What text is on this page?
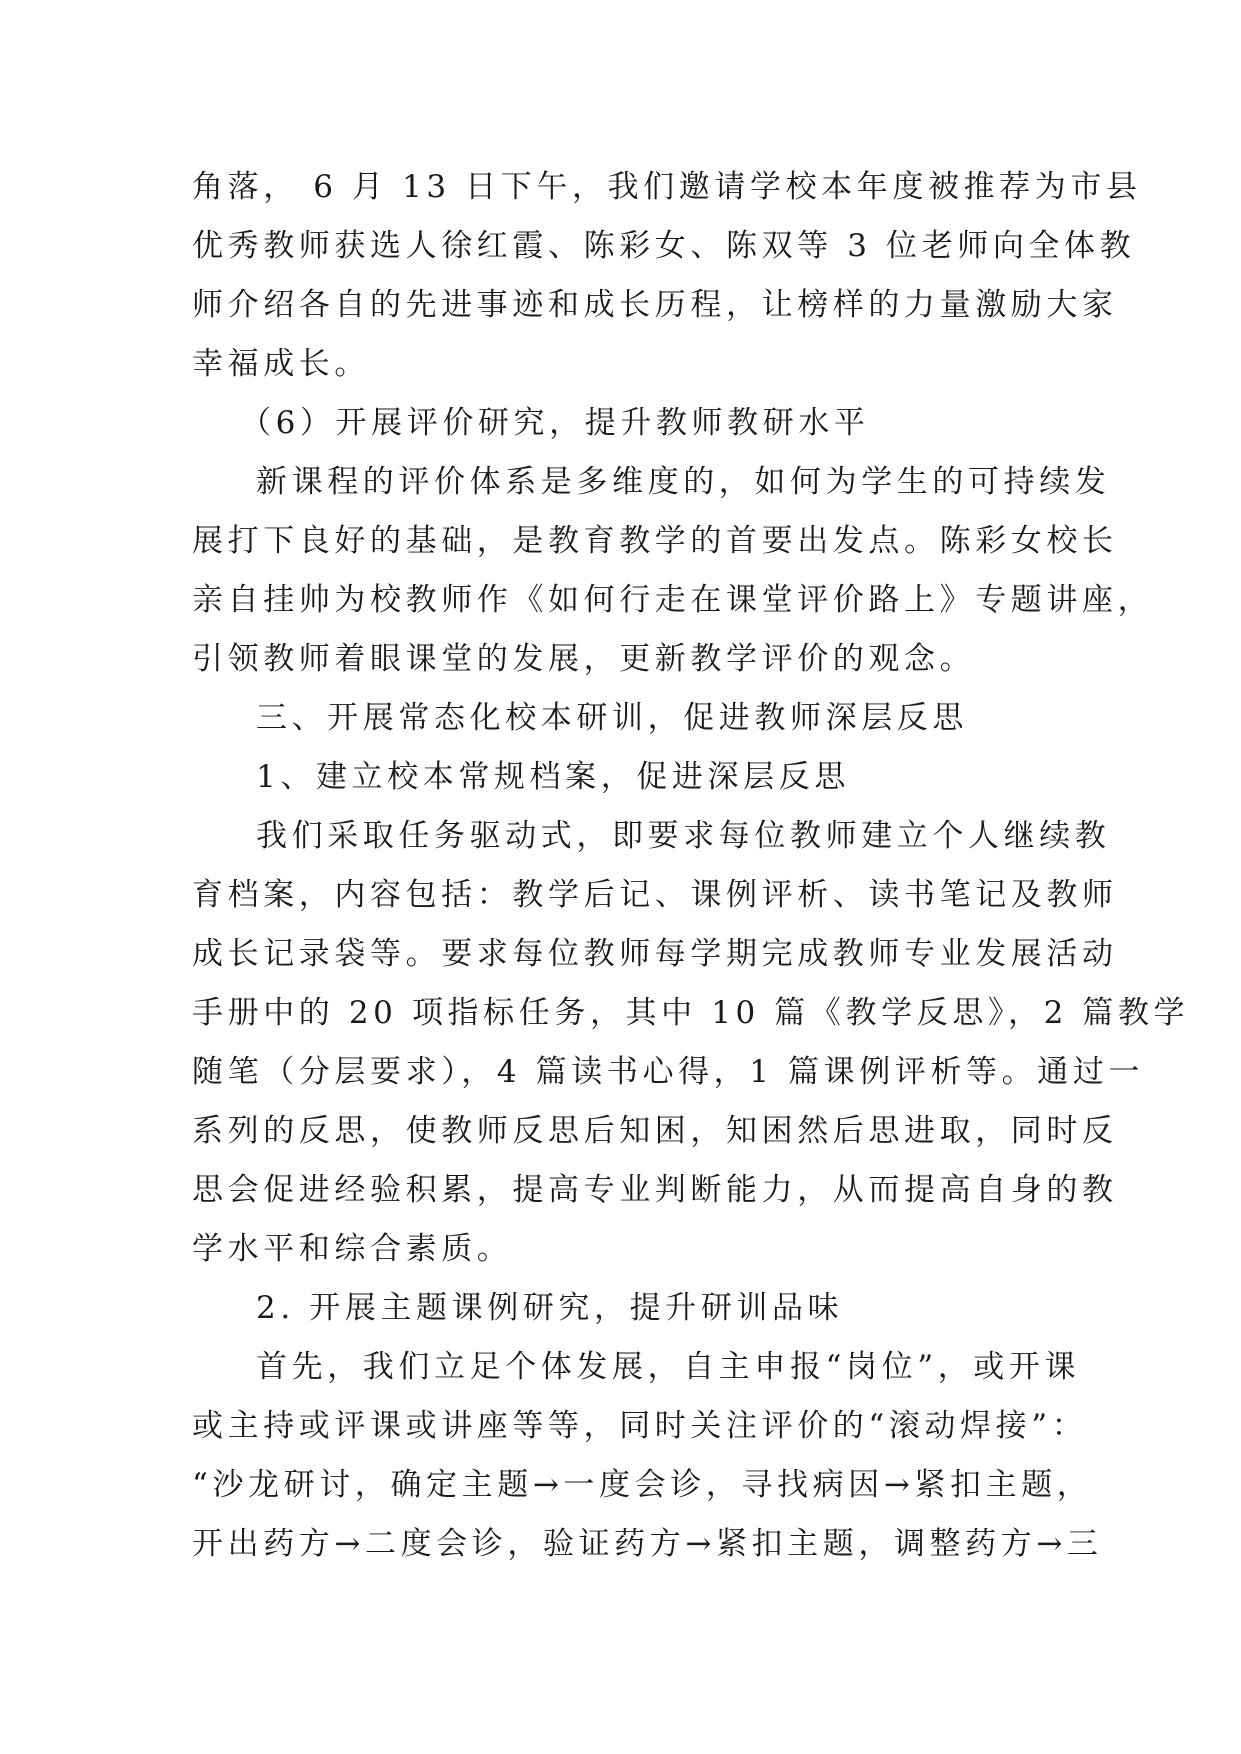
角落， 6 月 13 日下午，我们邀请学校本年度被推荐为市县
优秀教师获选人徐红霞、陈彩女、陈双等 3 位老师向全体教
师介绍各自的先进事迹和成长历程，让榜样的力量激励大家
幸福成长。
（6）开展评价研究，提升教师教研水平
新课程的评价体系是多维度的，如何为学生的可持续发
展打下良好的基础，是教育教学的首要出发点。陈彩女校长
亲自挂帅为校教师作《如何行走在课堂评价路上》专题讲座，
引领教师着眼课堂的发展，更新教学评价的观念。
三、开展常态化校本研训，促进教师深层反思
1、建立校本常规档案，促进深层反思
我们采取任务驱动式，即要求每位教师建立个人继续教
育档案，内容包括：教学后记、课例评析、读书笔记及教师
成长记录袋等。要求每位教师每学期完成教师专业发展活动
手册中的 20 项指标任务，其中 10 篇《教学反思》，2 篇教学
随笔（分层要求），4 篇读书心得，1 篇课例评析等。通过一
系列的反思，使教师反思后知困，知困然后思进取，同时反
思会促进经验积累，提高专业判断能力，从而提高自身的教
学水平和综合素质。
2. 开展主题课例研究，提升研训品味
首先，我们立足个体发展，自主申报“岗位”，或开课
或主持或评课或讲座等等，同时关注评价的“滚动焊接”：
“沙龙研讨，确定主题→一度会诊，寻找病因→紧扣主题，
开出药方→二度会诊，验证药方→紧扣主题，调整药方→三
